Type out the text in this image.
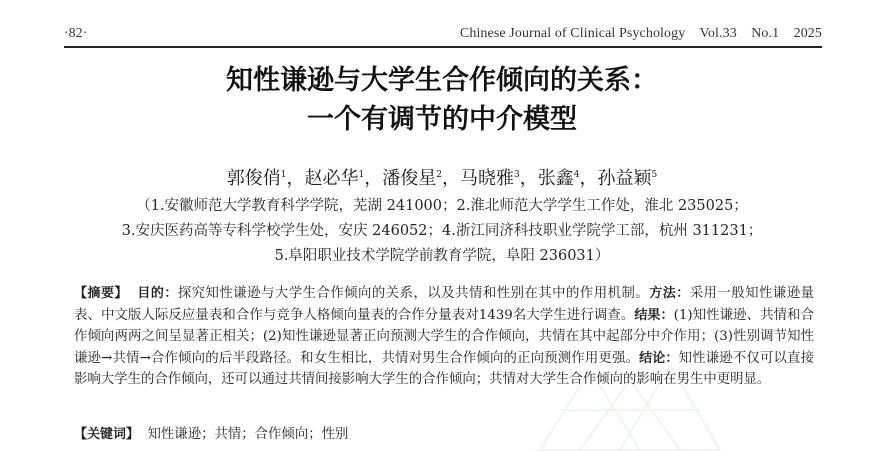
·82·	Chinese Journal of Clinical Psychology    Vol.33    No.1    2025
知性谦逊与大学生合作倾向的关系：
一个有调节的中介模型
郭俊俏$^1$，赵必华$^1$，潘俊星$^2$，马晓雅$^3$，张鑫$^4$，孙益颖$^5$
（1.安徽师范大学教育科学学院，芜湖 241000；2.淮北师范大学学生工作处，淮北 235025；
3.安庆医药高等专科学校学生处，安庆 246052；4.浙江同济科技职业学院学工部，杭州 311231；
5.阜阳职业技术学院学前教育学院，阜阳 236031）
【摘要】 目的：探究知性谦逊与大学生合作倾向的关系，以及共情和性别在其中的作用机制。方法：采用一般知性谦逊量表、中文版人际反应量表和合作与竞争人格倾向量表的合作分量表对1439名大学生进行调查。结果：(1)知性谦逊、共情和合作倾向两两之间呈显著正相关；(2)知性谦逊显著正向预测大学生的合作倾向，共情在其中起部分中介作用；(3)性别调节知性谦逊→共情→合作倾向的后半段路径。和女生相比，共情对男生合作倾向的正向预测作用更强。结论：知性谦逊不仅可以直接影响大学生的合作倾向，还可以通过共情间接影响大学生的合作倾向；共情对大学生合作倾向的影响在男生中更明显。
【关键词】 知性谦逊；共情；合作倾向；性别
